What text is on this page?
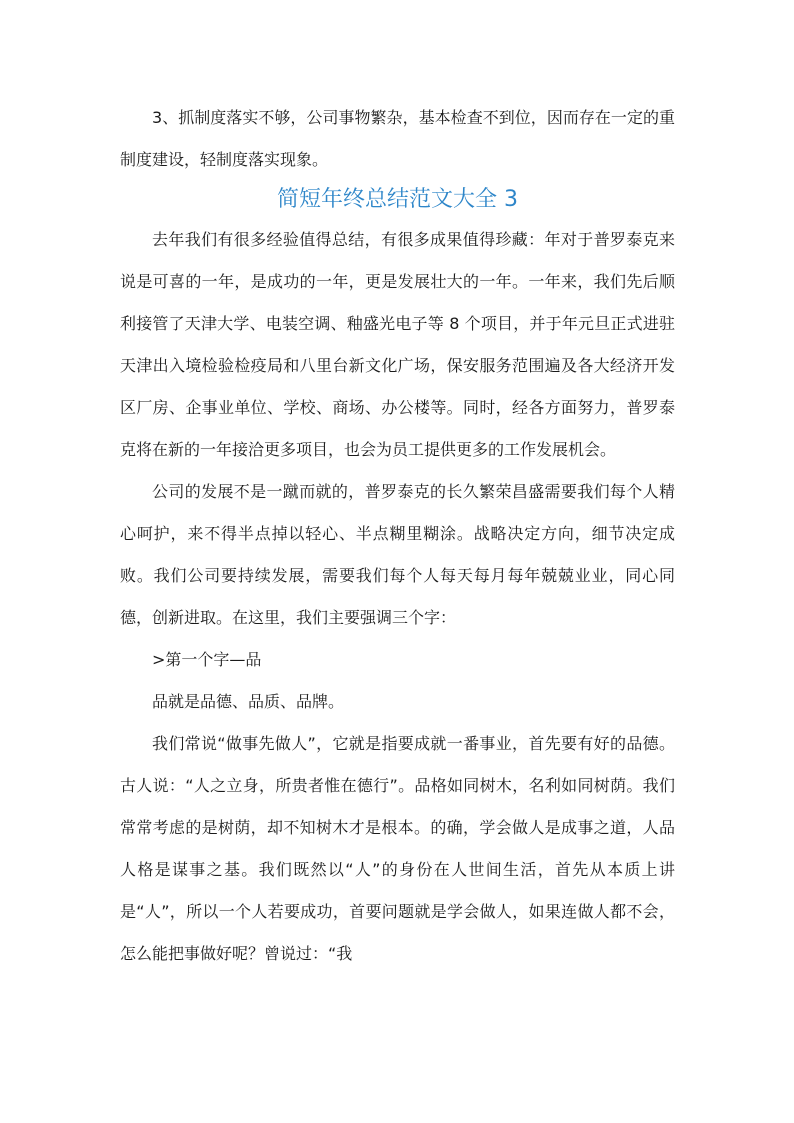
3、抓制度落实不够，公司事物繁杂，基本检查不到位，因而存在一定的重制度建设，轻制度落实现象。

简短年终总结范文大全 3

去年我们有很多经验值得总结，有很多成果值得珍藏：年对于普罗泰克来说是可喜的一年，是成功的一年，更是发展壮大的一年。一年来，我们先后顺利接管了天津大学、电装空调、釉盛光电子等 8 个项目，并于年元旦正式进驻天津出入境检验检疫局和八里台新文化广场，保安服务范围遍及各大经济开发区厂房、企事业单位、学校、商场、办公楼等。同时，经各方面努力，普罗泰克将在新的一年接洽更多项目，也会为员工提供更多的工作发展机会。

公司的发展不是一蹴而就的，普罗泰克的长久繁荣昌盛需要我们每个人精心呵护，来不得半点掉以轻心、半点糊里糊涂。战略决定方向，细节决定成败。我们公司要持续发展，需要我们每个人每天每月每年兢兢业业，同心同德，创新进取。在这里，我们主要强调三个字：

>第一个字—品

品就是品德、品质、品牌。

我们常说“做事先做人”，它就是指要成就一番事业，首先要有好的品德。古人说：“人之立身，所贵者惟在德行”。品格如同树木，名利如同树荫。我们常常考虑的是树荫，却不知树木才是根本。的确，学会做人是成事之道，人品人格是谋事之基。我们既然以“人”的身份在人世间生活，首先从本质上讲是“人”，所以一个人若要成功，首要问题就是学会做人，如果连做人都不会，怎么能把事做好呢？曾说过：“我
